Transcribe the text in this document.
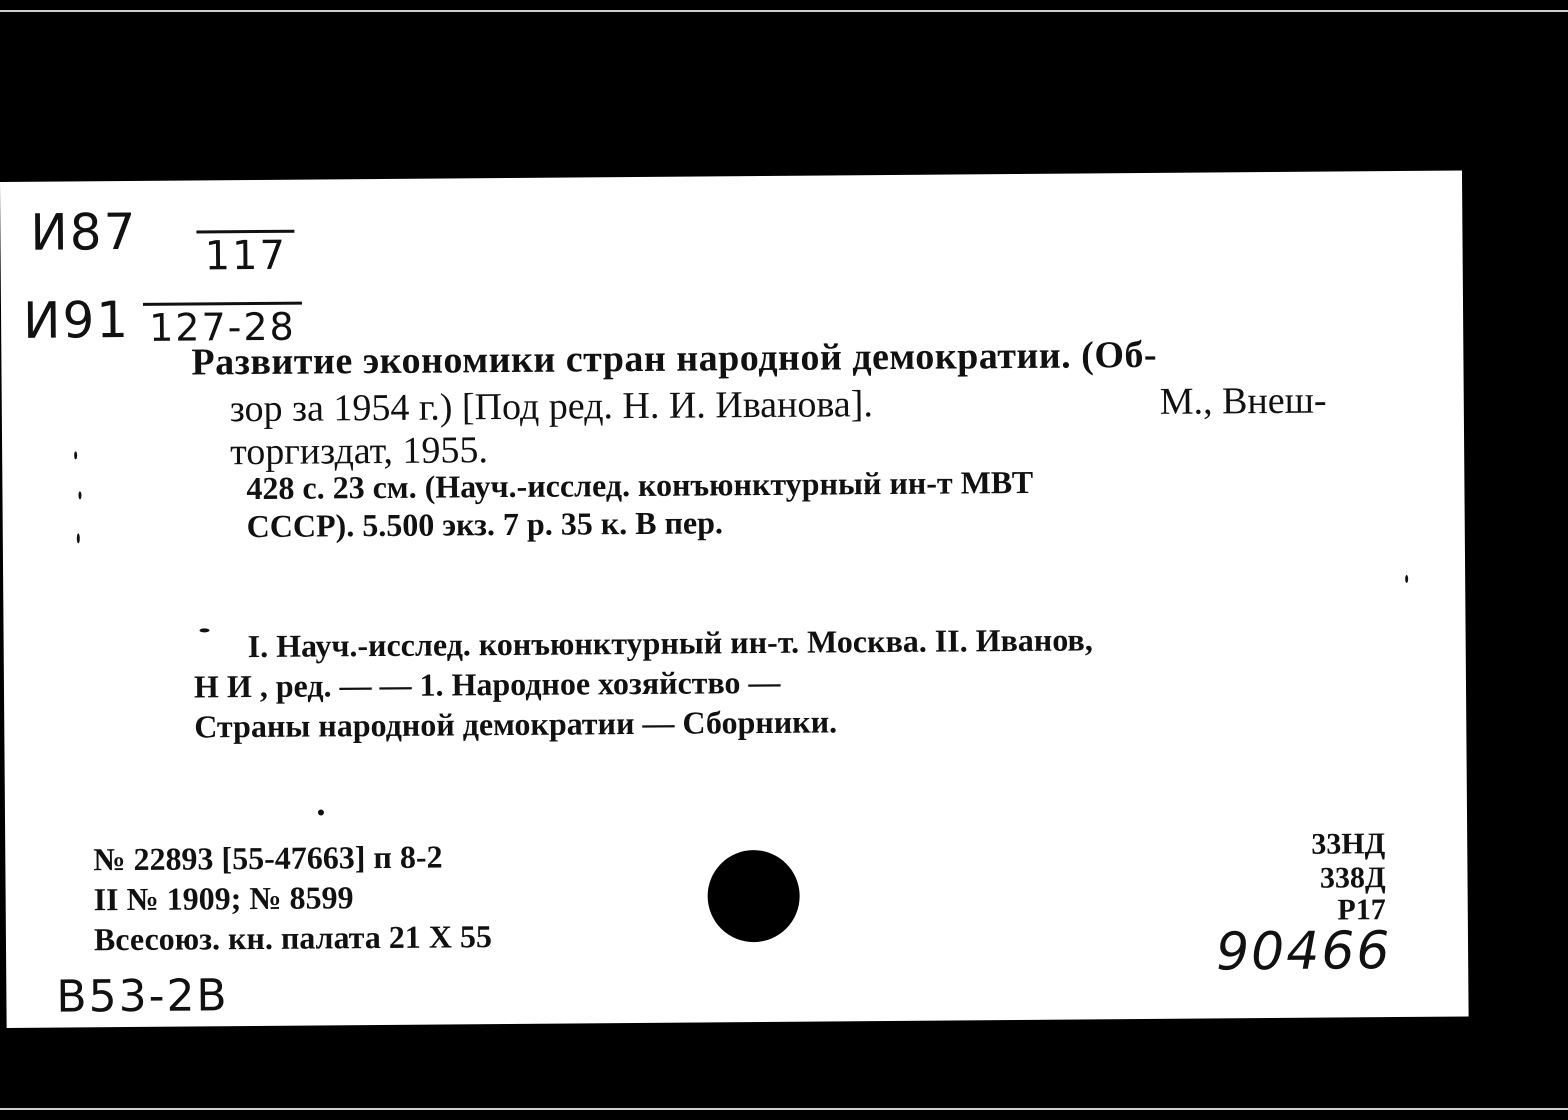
И87 117
И91 127-28
Развитие экономики стран народной демократии. (Об-
зор за 1954 г.) [Под ред. Н. И. Иванова].	М., Внеш-
торгиздат, 1955.
428 с. 23 см. (Науч.-исслед. конъюнктурный ин-т МВТ
СССР). 5.500 экз. 7 р. 35 к. В пер.
I. Науч.-исслед. конъюнктурный ин-т. Москва. II. Иванов,
Н И , ред. — — 1. Народное хозяйство —
Страны народной демократии — Сборники.
№ 22893 [55-47663] п 8-2
II № 1909; № 8599
Всесоюз. кн. палата 21 X 55
33НД
338Д
Р17
В53-2В
90466
